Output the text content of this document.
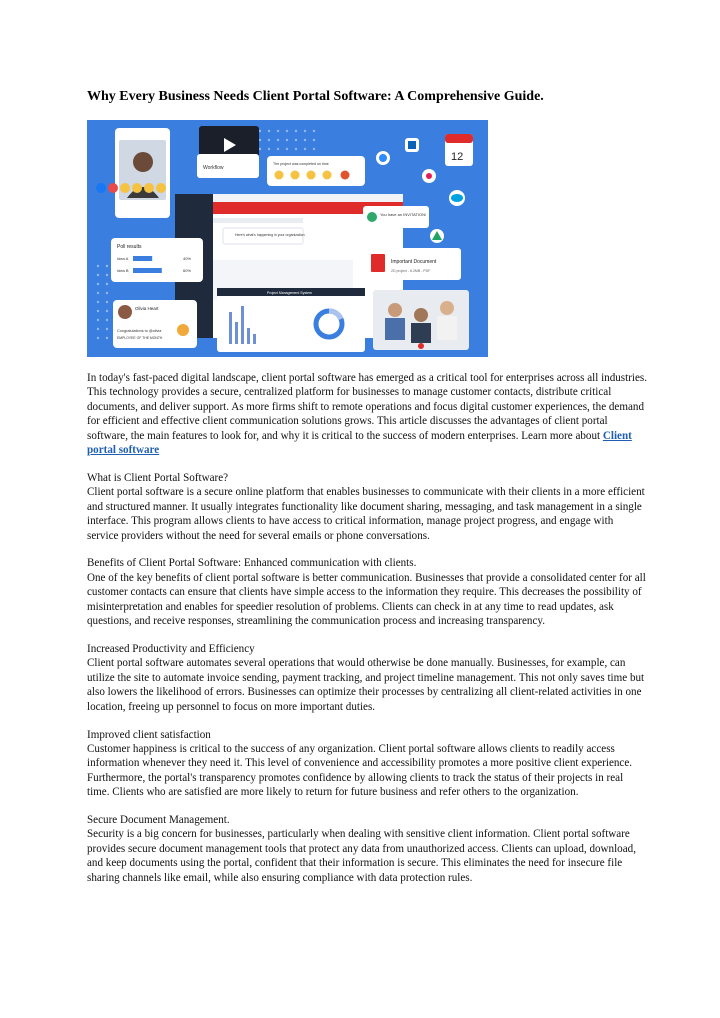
Why Every Business Needs Client Portal Software: A Comprehensive Guide.
Workflow
The project was completed on time
12
Here's what's happening in your organization
You have an INVITATION!
Important Document
2D project - 6.2MB - PDF
Poll results
Idea A	40%
Idea B	60%
Project Management System
Olivia Heart
Congratulations to @olivia
EMPLOYEE OF THE MONTH

In today's fast-paced digital landscape, client portal software has emerged as a critical tool for enterprises across all industries. This technology provides a secure, centralized platform for businesses to manage customer contacts, distribute critical documents, and deliver support. As more firms shift to remote operations and focus digital customer experiences, the demand for efficient and effective client communication solutions grows. This article discusses the advantages of client portal software, the main features to look for, and why it is critical to the success of modern enterprises. Learn more about Client portal software

What is Client Portal Software?
Client portal software is a secure online platform that enables businesses to communicate with their clients in a more efficient and structured manner. It usually integrates functionality like document sharing, messaging, and task management in a single interface. This program allows clients to have access to critical information, manage project progress, and engage with service providers without the need for several emails or phone conversations.

Benefits of Client Portal Software: Enhanced communication with clients.
One of the key benefits of client portal software is better communication. Businesses that provide a consolidated center for all customer contacts can ensure that clients have simple access to the information they require. This decreases the possibility of misinterpretation and enables for speedier resolution of problems. Clients can check in at any time to read updates, ask questions, and receive responses, streamlining the communication process and increasing transparency.

Increased Productivity and Efficiency
Client portal software automates several operations that would otherwise be done manually. Businesses, for example, can utilize the site to automate invoice sending, payment tracking, and project timeline management. This not only saves time but also lowers the likelihood of errors. Businesses can optimize their processes by centralizing all client-related activities in one location, freeing up personnel to focus on more important duties.

Improved client satisfaction
Customer happiness is critical to the success of any organization. Client portal software allows clients to readily access information whenever they need it. This level of convenience and accessibility promotes a more positive client experience. Furthermore, the portal's transparency promotes confidence by allowing clients to track the status of their projects in real time. Clients who are satisfied are more likely to return for future business and refer others to the organization.

Secure Document Management.
Security is a big concern for businesses, particularly when dealing with sensitive client information. Client portal software provides secure document management tools that protect any data from unauthorized access. Clients can upload, download, and keep documents using the portal, confident that their information is secure. This eliminates the need for insecure file sharing channels like email, while also ensuring compliance with data protection rules.
